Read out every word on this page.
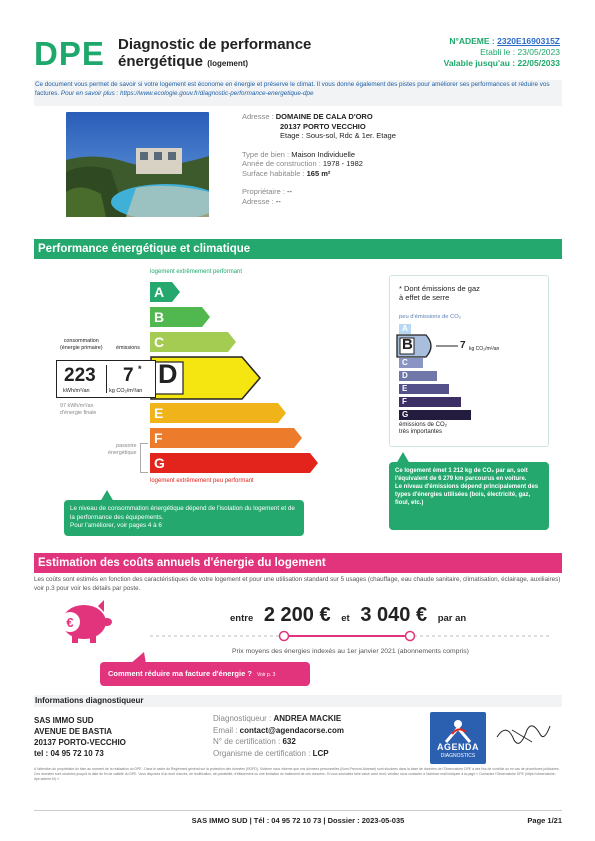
DPE Diagnostic de performance
énergétique (logement)
N°ADEME : 2320E1690315Z
Etabli le : 23/05/2023
Valable jusqu'au : 22/05/2033
Ce document vous permet de savoir si votre logement est économe en énergie et préserve le climat. Il vous donne également des pistes pour améliorer ses performances et réduire vos factures. Pour en savoir plus : https://www.ecologie.gouv.fr/diagnostic-performance-energetique-dpe
Adresse : DOMAINE DE CALA D'ORO
20137 PORTO VECCHIO
Etage : Sous-sol, Rdc & 1er. Etage
Type de bien : Maison Individuelle
Année de construction : 1978 - 1982
Surface habitable : 165 m²
Propriétaire : --
Adresse : --
Performance énergétique et climatique
logement extrêmement performant
A
B
C
E
F
G
D
consommation
(énergie primaire) émissions
223
kWh/m²/an
7 *
kg CO₂/m²/an
97 kWh/m²/an
d'énergie finale
passoire
énergétique
logement extrêmement peu performant
Le niveau de consommation énergétique dépend de l'isolation du logement et de la performance des équipements.
Pour l'améliorer, voir pages 4 à 6
* Dont émissions de gaz
à effet de serre
peu d'émissions de CO₂
A
C
D
E
F
G
émissions de CO₂
très importantes
B	7 kg CO₂/m²/an
Ce logement émet 1 212 kg de CO₂ par an, soit l'équivalent de 6 279 km parcourus en voiture.
Le niveau d'émissions dépend principalement des types d'énergies utilisées (bois, électricité, gaz, fioul, etc.)
Estimation des coûts annuels d'énergie du logement
Les coûts sont estimés en fonction des caractéristiques de votre logement et pour une utilisation standard sur 5 usages (chauffage, eau chaude sanitaire, climatisation, éclairage, auxiliaires) voir p.3 pour voir les détails par poste.
€	entre 2 200 € et 3 040 € par an
Prix moyens des énergies indexés au 1er janvier 2021 (abonnements compris)
Comment réduire ma facture d'énergie ? Voir p. 3
Informations diagnostiqueur
SAS IMMO SUD
AVENUE DE BASTIA
20137 PORTO-VECCHIO
tel : 04 95 72 10 73
Diagnostiqueur : ANDREA MACKIE
Email : contact@agendacorse.com
N° de certification : 632
Organisme de certification : LCP
AGENDA
DIAGNOSTICS
A l'attention du propriétaire du bien au moment de la réalisation du DPE : Dans le cadre du Règlement général sur la protection des données (RGPD), l'Ademe vous informe que vos données personnelles (Nom-Prénom-Adresse) sont stockées dans la base de données de l'Observatoire DPE à des fins de contrôle ou en cas de procédures judiciaires. Ces données sont stockées jusqu'à la date de fin de validité du DPE. Vous disposez d'un droit d'accès, de rectification, de portabilité, d'effacement ou une limitation du traitement de ces données. Si vous souhaitez faire valoir votre droit, veuillez nous contacter à l'adresse mail indiquée à la page « Contactez l'Observatoire DPE (https://observatoire-dpe.ademe.fr/) ».
SAS IMMO SUD | Tél : 04 95 72 10 73 | Dossier : 2023-05-035	Page 1/21
